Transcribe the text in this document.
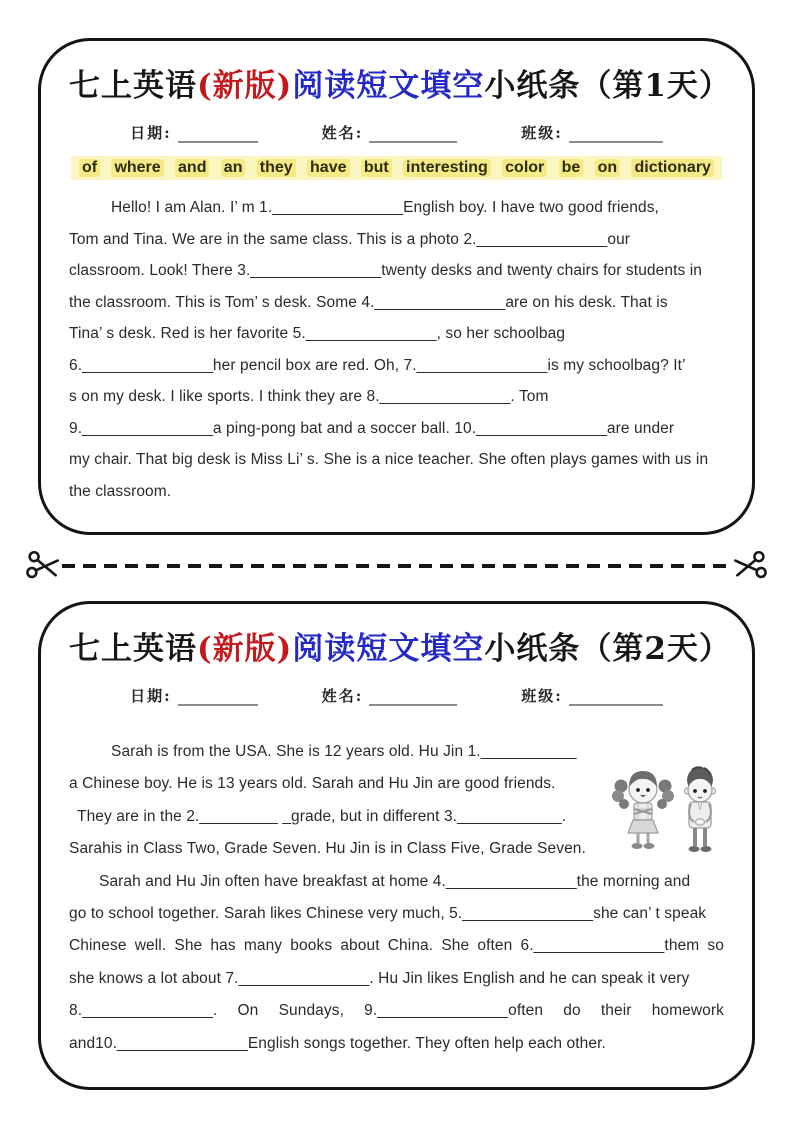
七上英语(新版)阅读短文填空小纸条（第1天）
日期:	姓名:	班级:
of where and an they have but interesting color be on dictionary
Hello! I am Alan. I’ m 1._______________English boy. I have two good friends,
Tom and Tina. We are in the same class. This is a photo 2._______________our
classroom. Look! There 3._______________twenty desks and twenty chairs for students in
the classroom. This is Tom’ s desk. Some 4._______________are on his desk. That is
Tina’ s desk. Red is her favorite 5._______________, so her schoolbag
6._______________her pencil box are red. Oh, 7._______________is my schoolbag? It’
s on my desk. I like sports. I think they are 8._______________. Tom
9._______________a ping-pong bat and a soccer ball. 10._______________are under
my chair. That big desk is Miss Li’ s. She is a nice teacher. She often plays games with us in
the classroom.
七上英语(新版)阅读短文填空小纸条（第2天）
日期:	姓名:	班级:
Sarah is from the USA. She is 12 years old. Hu Jin 1.___________
a Chinese boy. He is 13 years old. Sarah and Hu Jin are good friends.
They are in the 2._________ _grade, but in different 3.____________.
Sarahis in Class Two, Grade Seven. Hu Jin is in Class Five, Grade Seven.
Sarah and Hu Jin often have breakfast at home 4._______________the morning and
go to school together. Sarah likes Chinese very much, 5._______________she can’ t speak
Chinese well. She has many books about China. She often 6._______________them so
she knows a lot about 7._______________. Hu Jin likes English and he can speak it very
8._______________. On Sundays, 9._______________often do their homework
and10._______________English songs together. They often help each other.
